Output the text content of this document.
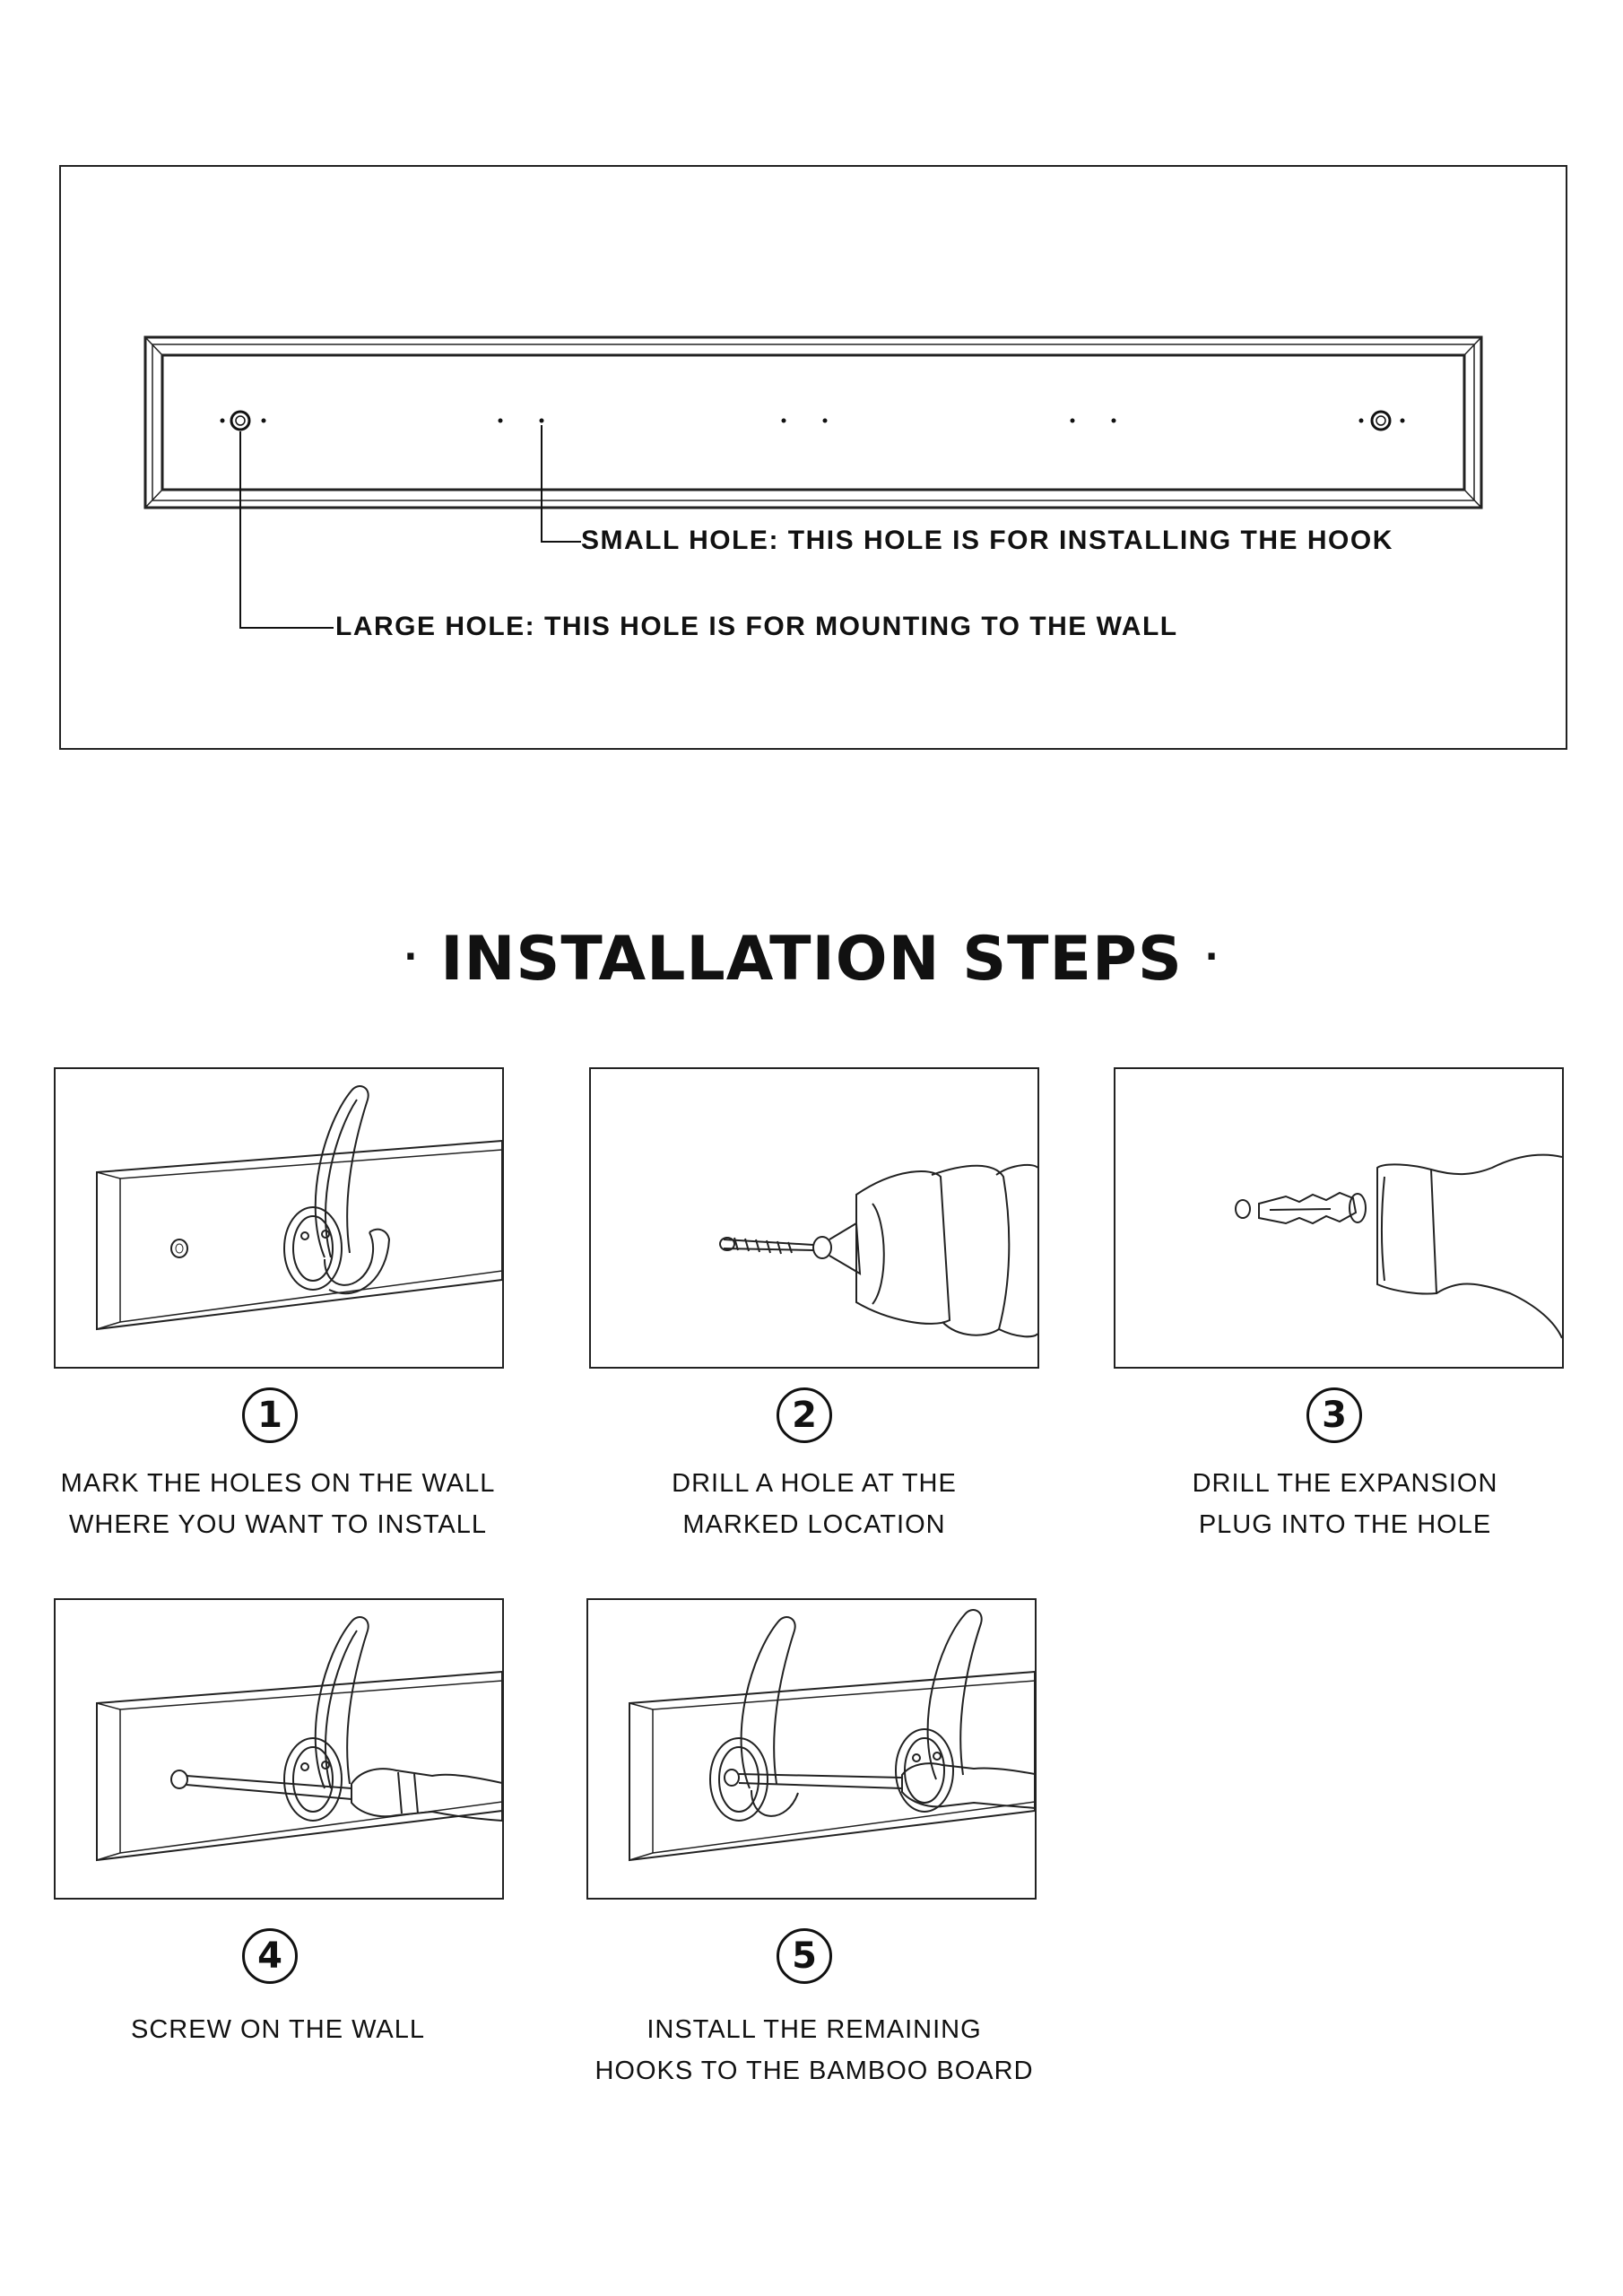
SMALL HOLE: THIS HOLE IS FOR INSTALLING THE HOOK
LARGE HOLE: THIS HOLE IS FOR MOUNTING TO THE WALL
· INSTALLATION STEPS ·
1
MARK THE HOLES ON THE WALL
WHERE YOU WANT TO INSTALL
2
DRILL A HOLE AT THE
MARKED LOCATION
3
DRILL THE EXPANSION
PLUG INTO THE HOLE
4
SCREW ON THE WALL
5
INSTALL THE REMAINING
HOOKS TO THE BAMBOO BOARD
